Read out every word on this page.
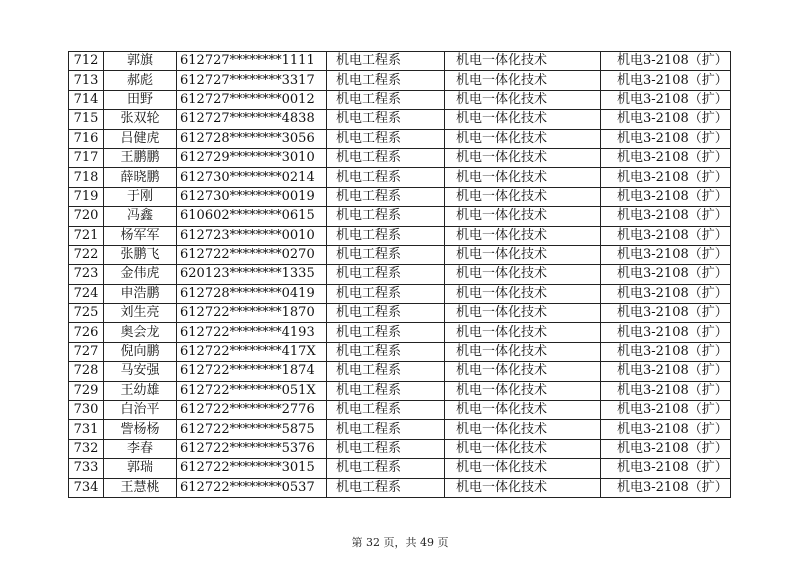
712	郭旗	612727********1111	机电工程系	机电一体化技术	机电3-2108（扩）
713	郝彪	612727********3317	机电工程系	机电一体化技术	机电3-2108（扩）
714	田野	612727********0012	机电工程系	机电一体化技术	机电3-2108（扩）
715	张双轮	612727********4838	机电工程系	机电一体化技术	机电3-2108（扩）
716	吕健虎	612728********3056	机电工程系	机电一体化技术	机电3-2108（扩）
717	王鹏鹏	612729********3010	机电工程系	机电一体化技术	机电3-2108（扩）
718	薛晓鹏	612730********0214	机电工程系	机电一体化技术	机电3-2108（扩）
719	于刚	612730********0019	机电工程系	机电一体化技术	机电3-2108（扩）
720	冯鑫	610602********0615	机电工程系	机电一体化技术	机电3-2108（扩）
721	杨军军	612723********0010	机电工程系	机电一体化技术	机电3-2108（扩）
722	张鹏飞	612722********0270	机电工程系	机电一体化技术	机电3-2108（扩）
723	金伟虎	620123********1335	机电工程系	机电一体化技术	机电3-2108（扩）
724	申浩鹏	612728********0419	机电工程系	机电一体化技术	机电3-2108（扩）
725	刘生亮	612722********1870	机电工程系	机电一体化技术	机电3-2108（扩）
726	奥会龙	612722********4193	机电工程系	机电一体化技术	机电3-2108（扩）
727	倪向鹏	612722********417X	机电工程系	机电一体化技术	机电3-2108（扩）
728	马安强	612722********1874	机电工程系	机电一体化技术	机电3-2108（扩）
729	王幼雄	612722********051X	机电工程系	机电一体化技术	机电3-2108（扩）
730	白治平	612722********2776	机电工程系	机电一体化技术	机电3-2108（扩）
731	訾杨杨	612722********5875	机电工程系	机电一体化技术	机电3-2108（扩）
732	李春	612722********5376	机电工程系	机电一体化技术	机电3-2108（扩）
733	郭瑞	612722********3015	机电工程系	机电一体化技术	机电3-2108（扩）
734	王慧桃	612722********0537	机电工程系	机电一体化技术	机电3-2108（扩）
第 32 页，共 49 页
